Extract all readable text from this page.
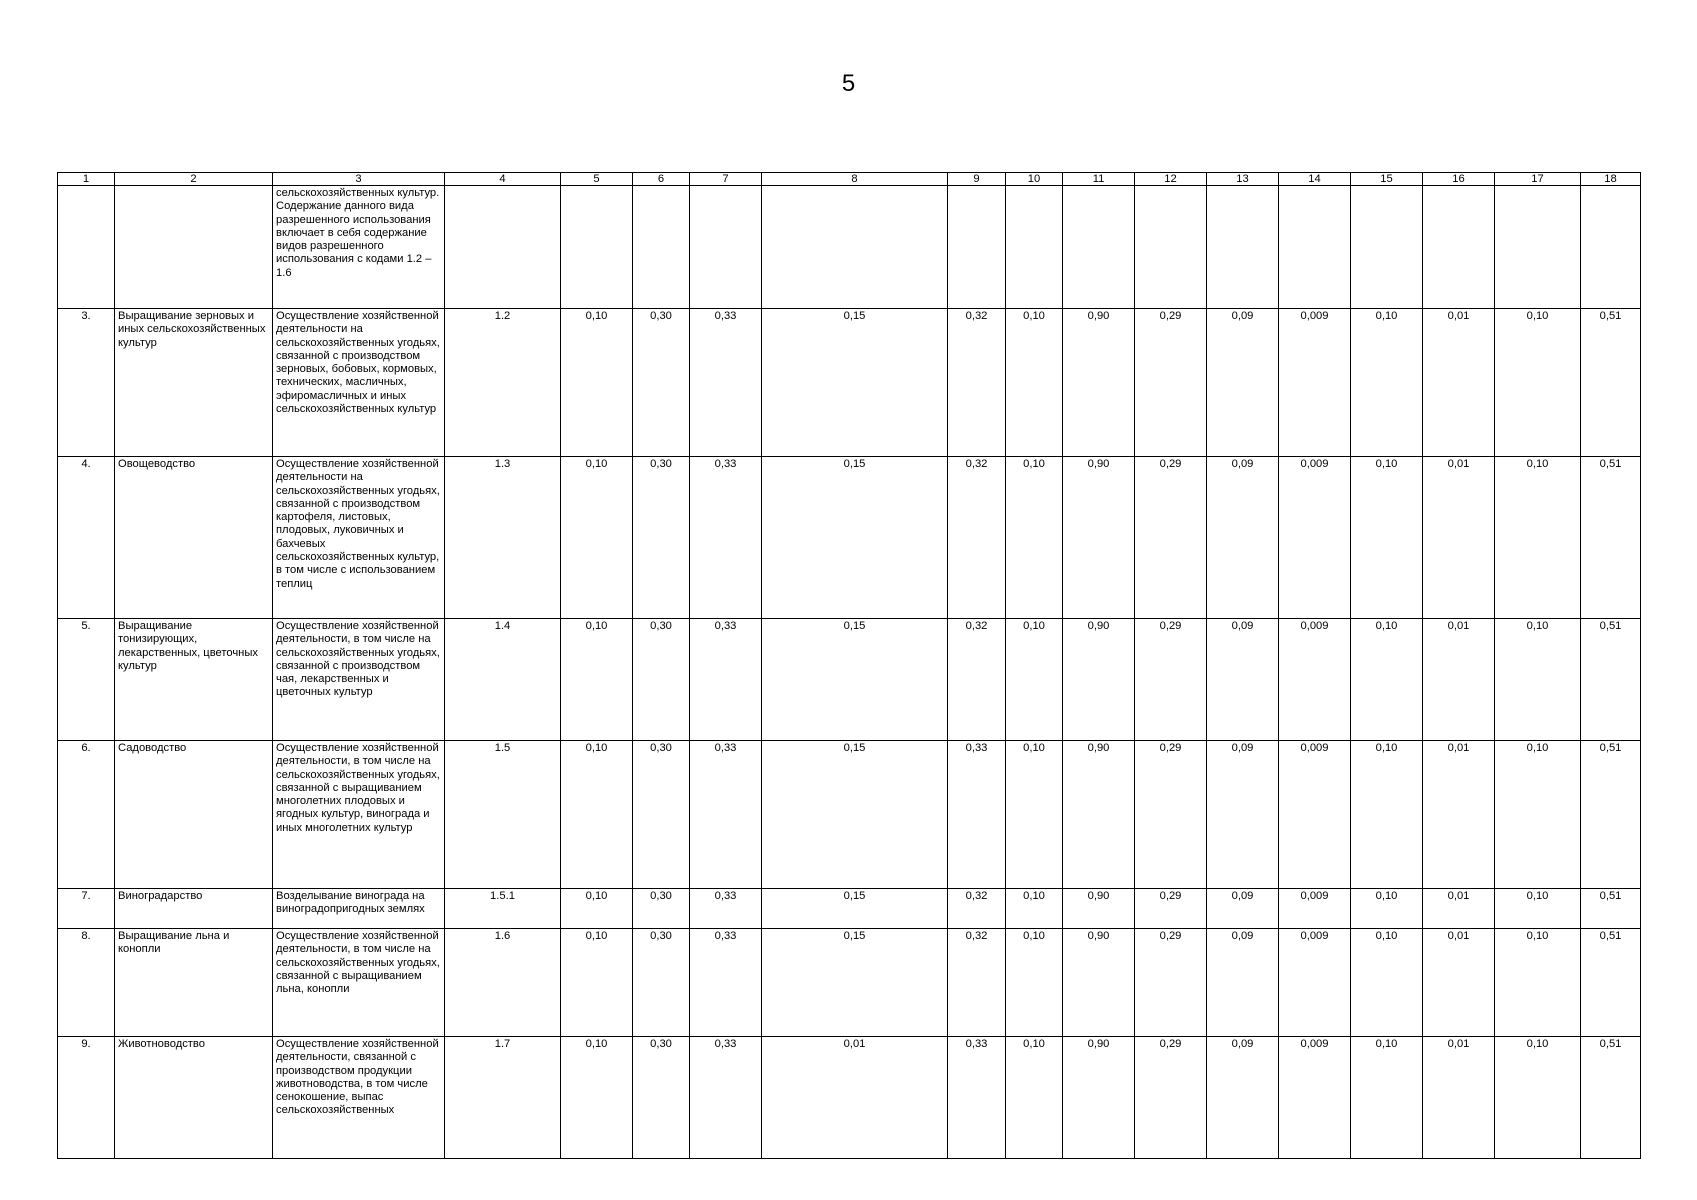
5
1	2	3	4	5	6	7	8	9	10	11	12	13	14	15	16	17	18
		сельскохозяйственных культур. Содержание данного вида разрешенного использования включает в себя содержание видов разрешенного использования с кодами 1.2 – 1.6															
3.	Выращивание зерновых и иных сельскохозяйственных культур	Осуществление хозяйственной деятельности на сельскохозяйственных угодьях, связанной с производством зерновых, бобовых, кормовых, технических, масличных, эфиромасличных и иных сельскохозяйственных культур	1.2	0,10	0,30	0,33	0,15	0,32	0,10	0,90	0,29	0,09	0,009	0,10	0,01	0,10	0,51
4.	Овощеводство	Осуществление хозяйственной деятельности на сельскохозяйственных угодьях, связанной с производством картофеля, листовых, плодовых, луковичных и бахчевых сельскохозяйственных культур, в том числе с использованием теплиц	1.3	0,10	0,30	0,33	0,15	0,32	0,10	0,90	0,29	0,09	0,009	0,10	0,01	0,10	0,51
5.	Выращивание тонизирующих, лекарственных, цветочных культур	Осуществление хозяйственной деятельности, в том числе на сельскохозяйственных угодьях, связанной с производством чая, лекарственных и цветочных культур	1.4	0,10	0,30	0,33	0,15	0,32	0,10	0,90	0,29	0,09	0,009	0,10	0,01	0,10	0,51
6.	Садоводство	Осуществление хозяйственной деятельности, в том числе на сельскохозяйственных угодьях, связанной с выращиванием многолетних плодовых и ягодных культур, винограда и иных многолетних культур	1.5	0,10	0,30	0,33	0,15	0,33	0,10	0,90	0,29	0,09	0,009	0,10	0,01	0,10	0,51
7.	Виноградарство	Возделывание винограда на виноградопригодных землях	1.5.1	0,10	0,30	0,33	0,15	0,32	0,10	0,90	0,29	0,09	0,009	0,10	0,01	0,10	0,51
8.	Выращивание льна и конопли	Осуществление хозяйственной деятельности, в том числе на сельскохозяйственных угодьях, связанной с выращиванием льна, конопли	1.6	0,10	0,30	0,33	0,15	0,32	0,10	0,90	0,29	0,09	0,009	0,10	0,01	0,10	0,51
9.	Животноводство	Осуществление хозяйственной деятельности, связанной с производством продукции животноводства, в том числе сенокошение, выпас сельскохозяйственных	1.7	0,10	0,30	0,33	0,01	0,33	0,10	0,90	0,29	0,09	0,009	0,10	0,01	0,10	0,51
